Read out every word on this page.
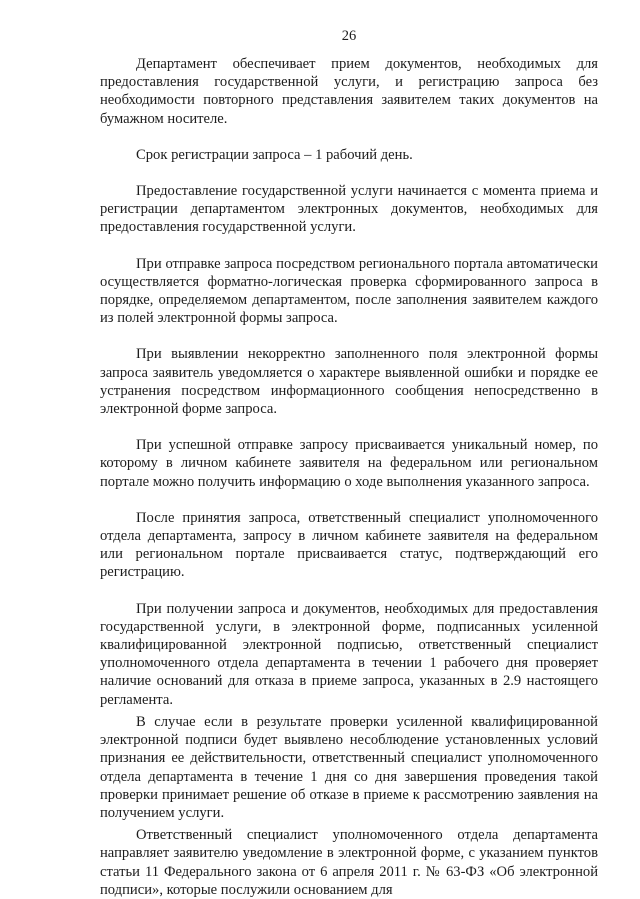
26

Департамент обеспечивает прием документов, необходимых для предоставления государственной услуги, и регистрацию запроса без необходимости повторного представления заявителем таких документов на бумажном носителе.

Срок регистрации запроса – 1 рабочий день.

Предоставление государственной услуги начинается с момента приема и регистрации департаментом электронных документов, необходимых для предоставления государственной услуги.

При отправке запроса посредством регионального портала автоматически осуществляется форматно-логическая проверка сформированного запроса в порядке, определяемом департаментом, после заполнения заявителем каждого из полей электронной формы запроса.

При выявлении некорректно заполненного поля электронной формы запроса заявитель уведомляется о характере выявленной ошибки и порядке ее устранения посредством информационного сообщения непосредственно в электронной форме запроса.

При успешной отправке запросу присваивается уникальный номер, по которому в личном кабинете заявителя на федеральном или региональном портале можно получить информацию о ходе выполнения указанного запроса.

После принятия запроса, ответственный специалист уполномоченного отдела департамента, запросу в личном кабинете заявителя на федеральном или региональном портале присваивается статус, подтверждающий его регистрацию.

При получении запроса и документов, необходимых для предоставления государственной услуги, в электронной форме, подписанных усиленной квалифицированной электронной подписью, ответственный специалист уполномоченного отдела департамента в течении 1 рабочего дня проверяет наличие оснований для отказа в приеме запроса, указанных в 2.9 настоящего регламента.

В случае если в результате проверки усиленной квалифицированной электронной подписи будет выявлено несоблюдение установленных условий признания ее действительности, ответственный специалист уполномоченного отдела департамента в течение 1 дня со дня завершения проведения такой проверки принимает решение об отказе в приеме к рассмотрению заявления на получением услуги.

Ответственный специалист уполномоченного отдела департамента направляет заявителю уведомление в электронной форме, с указанием пунктов статьи 11 Федерального закона от 6 апреля 2011 г. № 63-ФЗ «Об электронной подписи», которые послужили основанием для
